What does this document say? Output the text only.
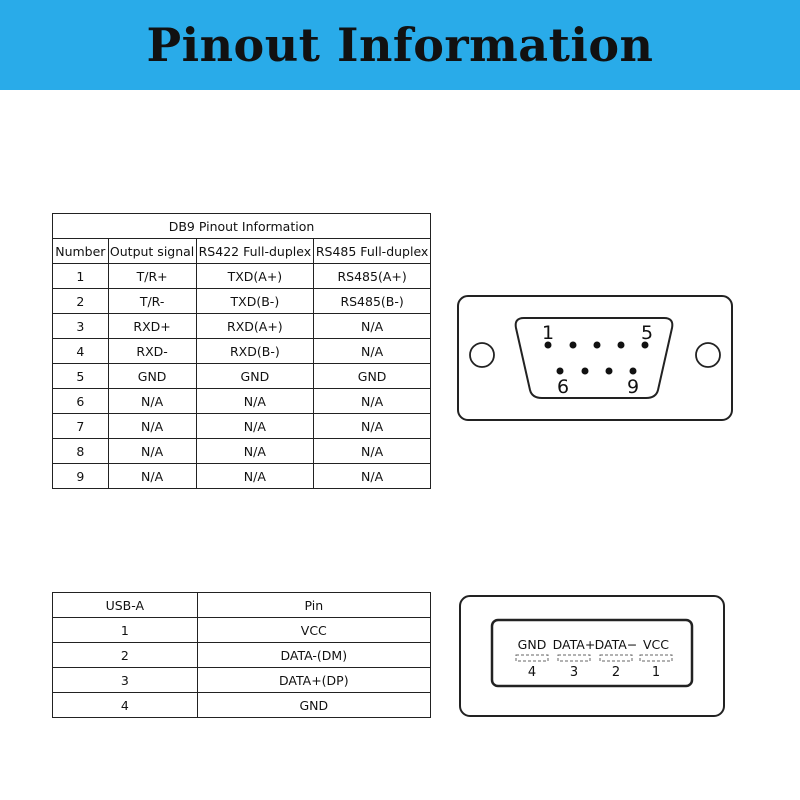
Pinout Information
DB9 Pinout Information			
Number	Output signal	RS422 Full-duplex	RS485 Full-duplex
1	T/R+	TXD(A+)	RS485(A+)
2	T/R-	TXD(B-)	RS485(B-)
3	RXD+	RXD(A+)	N/A
4	RXD-	RXD(B-)	N/A
5	GND	GND	GND
6	N/A	N/A	N/A
7	N/A	N/A	N/A
8	N/A	N/A	N/A
9	N/A	N/A	N/A
USB-A	Pin
1	VCC
2	DATA-(DM)
3	DATA+(DP)
4	GND
1	5
6	9
GND DATA+ DATA− VCC
4	3	2 1
